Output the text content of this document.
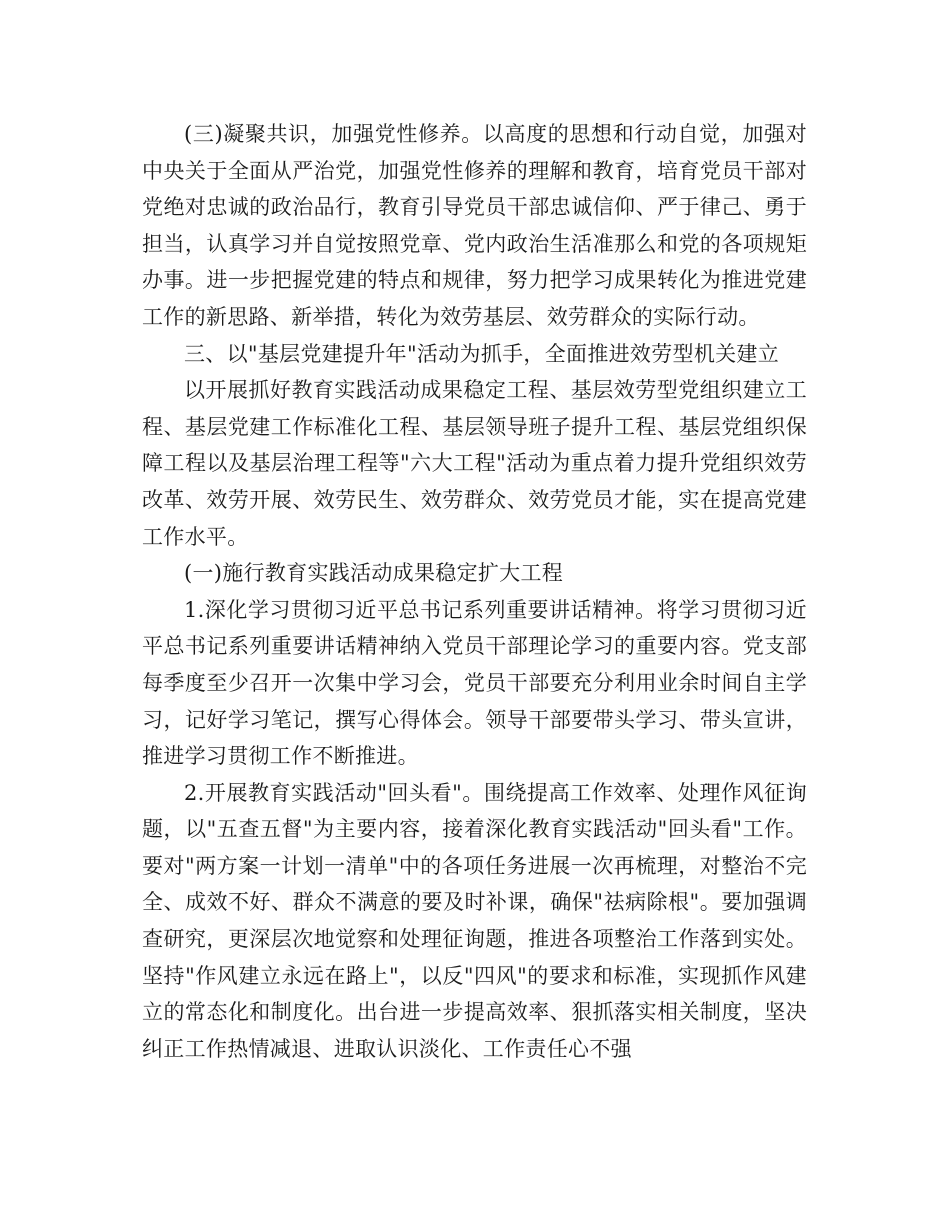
(三)凝聚共识，加强党性修养。以高度的思想和行动自觉，加强对中央关于全面从严治党，加强党性修养的理解和教育，培育党员干部对党绝对忠诚的政治品行，教育引导党员干部忠诚信仰、严于律己、勇于担当，认真学习并自觉按照党章、党内政治生活准那么和党的各项规矩办事。进一步把握党建的特点和规律，努力把学习成果转化为推进党建工作的新思路、新举措，转化为效劳基层、效劳群众的实际行动。

三、以"基层党建提升年"活动为抓手，全面推进效劳型机关建立

以开展抓好教育实践活动成果稳定工程、基层效劳型党组织建立工程、基层党建工作标准化工程、基层领导班子提升工程、基层党组织保障工程以及基层治理工程等"六大工程"活动为重点着力提升党组织效劳改革、效劳开展、效劳民生、效劳群众、效劳党员才能，实在提高党建工作水平。

(一)施行教育实践活动成果稳定扩大工程

1.深化学习贯彻习近平总书记系列重要讲话精神。将学习贯彻习近平总书记系列重要讲话精神纳入党员干部理论学习的重要内容。党支部每季度至少召开一次集中学习会，党员干部要充分利用业余时间自主学习，记好学习笔记，撰写心得体会。领导干部要带头学习、带头宣讲，推进学习贯彻工作不断推进。

2.开展教育实践活动"回头看"。围绕提高工作效率、处理作风征询题，以"五查五督"为主要内容，接着深化教育实践活动"回头看"工作。要对"两方案一计划一清单"中的各项任务进展一次再梳理，对整治不完全、成效不好、群众不满意的要及时补课，确保"祛病除根"。要加强调查研究，更深层次地觉察和处理征询题，推进各项整治工作落到实处。坚持"作风建立永远在路上"，以反"四风"的要求和标准，实现抓作风建立的常态化和制度化。出台进一步提高效率、狠抓落实相关制度，坚决纠正工作热情减退、进取认识淡化、工作责任心不强
